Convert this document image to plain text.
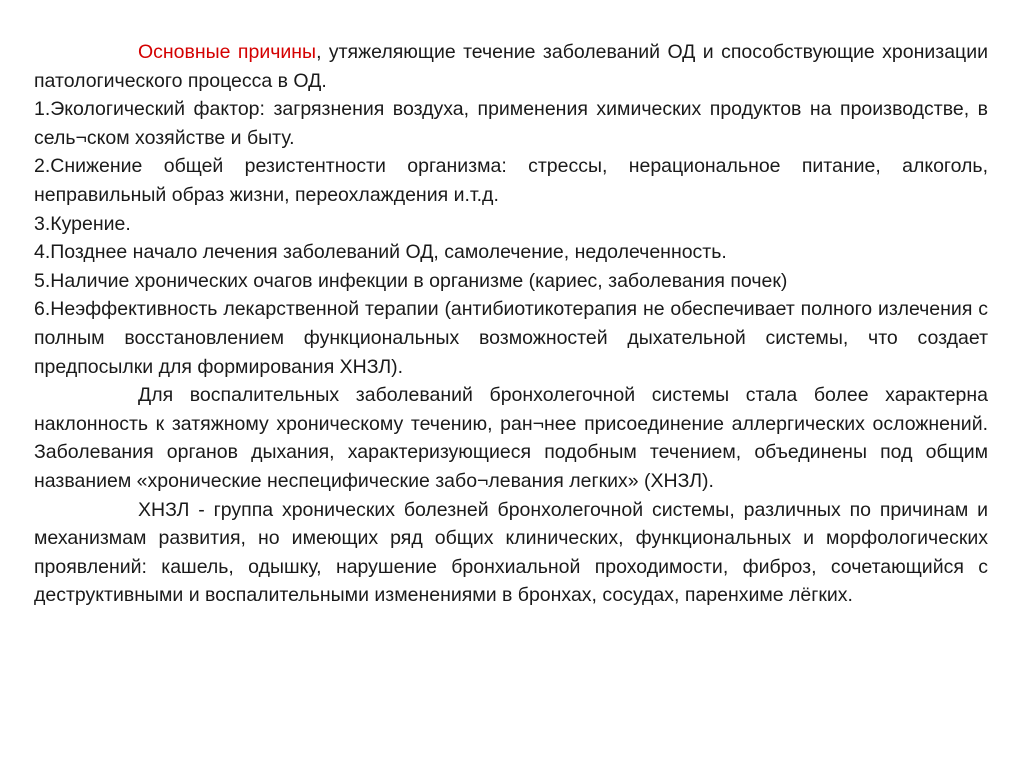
Основные причины, утяжеляющие течение заболеваний ОД и способствующие хронизации патологического процесса в ОД.

1.Экологический фактор: загрязнения воздуха, применения химических продуктов на производстве, в сель¬ском хозяйстве и быту.

2.Снижение общей резистентности организма: стрессы, нерациональное питание, алкоголь, неправильный образ жизни, переохлаждения и.т.д.

3.Курение.

4.Позднее начало лечения заболеваний ОД, самолечение, недолеченность.

5.Наличие хронических очагов инфекции в организме (кариес, заболевания почек)

6.Неэффективность лекарственной терапии (антибиотикотерапия не обеспечивает полного излечения с полным восстановлением функциональных возможностей дыхательной системы, что создает предпосылки для формирования ХНЗЛ).

Для воспалительных заболеваний бронхолегочной системы стала более характерна наклонность к затяжному хроническому течению, ран¬нее присоединение аллергических осложнений. Заболевания органов дыхания, характеризующиеся подобным течением, объединены под общим названием «хронические неспецифические забо¬левания легких» (ХНЗЛ).

ХНЗЛ - группа хронических болезней бронхолегочной системы, различных по причинам и механизмам развития, но имеющих ряд общих клинических, функциональных и морфологических проявлений: кашель, одышку, нарушение бронхиальной проходимости, фиброз, сочетающийся с деструктивными и воспалительными изменениями в бронхах, сосудах, паренхиме лёгких.
